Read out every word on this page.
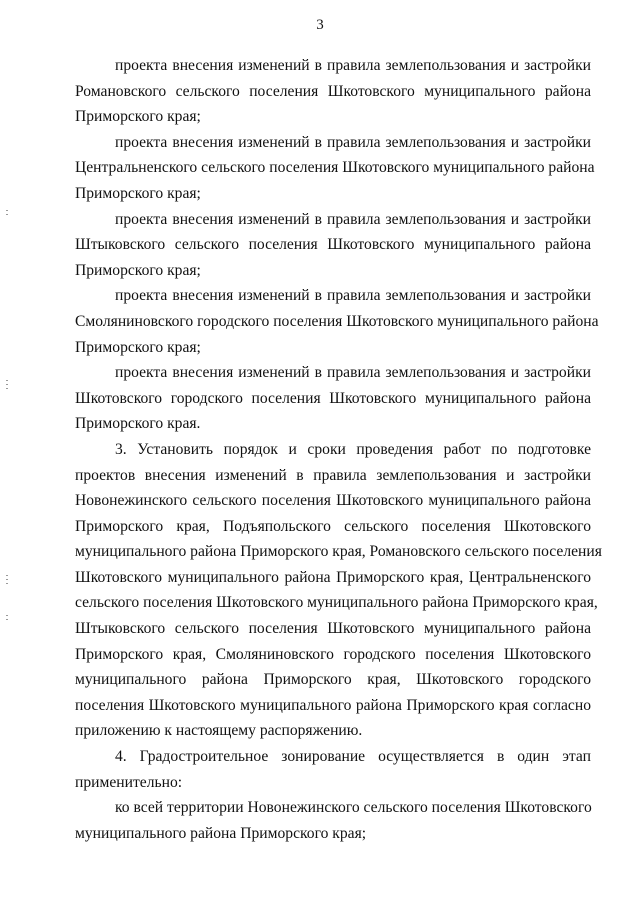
3
проекта внесения изменений в правила землепользования и застройки
Романовского сельского поселения Шкотовского муниципального района
Приморского края;
проекта внесения изменений в правила землепользования и застройки
Центральненского сельского поселения Шкотовского муниципального района
Приморского края;
проекта внесения изменений в правила землепользования и застройки
Штыковского сельского поселения Шкотовского муниципального района
Приморского края;
проекта внесения изменений в правила землепользования и застройки
Смоляниновского городского поселения Шкотовского муниципального района
Приморского края;
проекта внесения изменений в правила землепользования и застройки
Шкотовского городского поселения Шкотовского муниципального района
Приморского края.
3. Установить порядок и сроки проведения работ по подготовке
проектов внесения изменений в правила землепользования и застройки
Новонежинского сельского поселения Шкотовского муниципального района
Приморского края, Подъяпольского сельского поселения Шкотовского
муниципального района Приморского края, Романовского сельского поселения
Шкотовского муниципального района Приморского края, Центральненского
сельского поселения Шкотовского муниципального района Приморского края,
Штыковского сельского поселения Шкотовского муниципального района
Приморского края, Смоляниновского городского поселения Шкотовского
муниципального района Приморского края, Шкотовского городского
поселения Шкотовского муниципального района Приморского края согласно
приложению к настоящему распоряжению.
4. Градостроительное зонирование осуществляется в один этап
применительно:
ко всей территории Новонежинского сельского поселения Шкотовского
муниципального района Приморского края;
